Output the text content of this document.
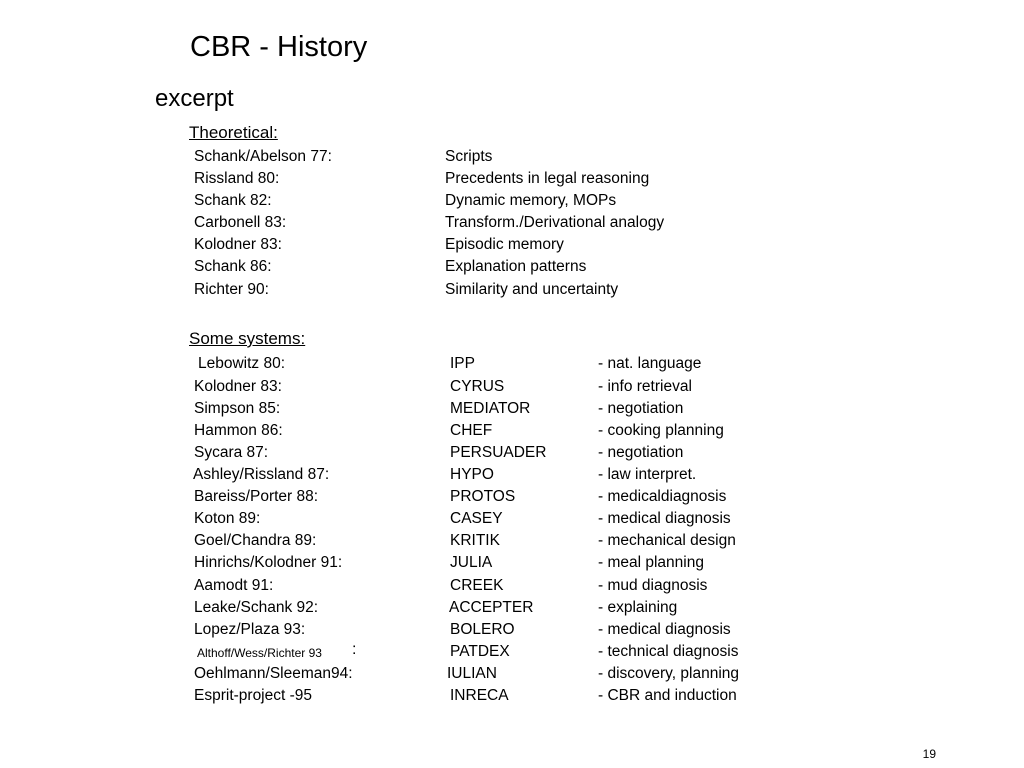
CBR - History
excerpt
Theoretical:
Schank/Abelson 77:	Scripts
Rissland 80:	Precedents in legal reasoning
Schank 82:	Dynamic memory, MOPs
Carbonell 83:	Transform./Derivational analogy
Kolodner 83:	Episodic memory
Schank 86:	Explanation patterns
Richter 90:	Similarity and uncertainty
Some systems:
Lebowitz 80:	IPP	- nat. language
Kolodner 83:	CYRUS	- info retrieval
Simpson 85:	MEDIATOR	- negotiation
Hammon 86:	CHEF	- cooking planning
Sycara 87:	PERSUADER	- negotiation
Ashley/Rissland 87:	HYPO	- law interpret.
Bareiss/Porter 88:	PROTOS	- medicaldiagnosis
Koton 89:	CASEY	- medical diagnosis
Goel/Chandra 89:	KRITIK	- mechanical design
Hinrichs/Kolodner 91:	JULIA	- meal planning
Aamodt 91:	CREEK	- mud diagnosis
Leake/Schank 92:	ACCEPTER	- explaining
Lopez/Plaza 93:	BOLERO	- medical diagnosis
Althoff/Wess/Richter 93 :	PATDEX	- technical diagnosis
Oehlmann/Sleeman94:	IULIAN	- discovery, planning
Esprit-project -95	INRECA	- CBR and induction
19
